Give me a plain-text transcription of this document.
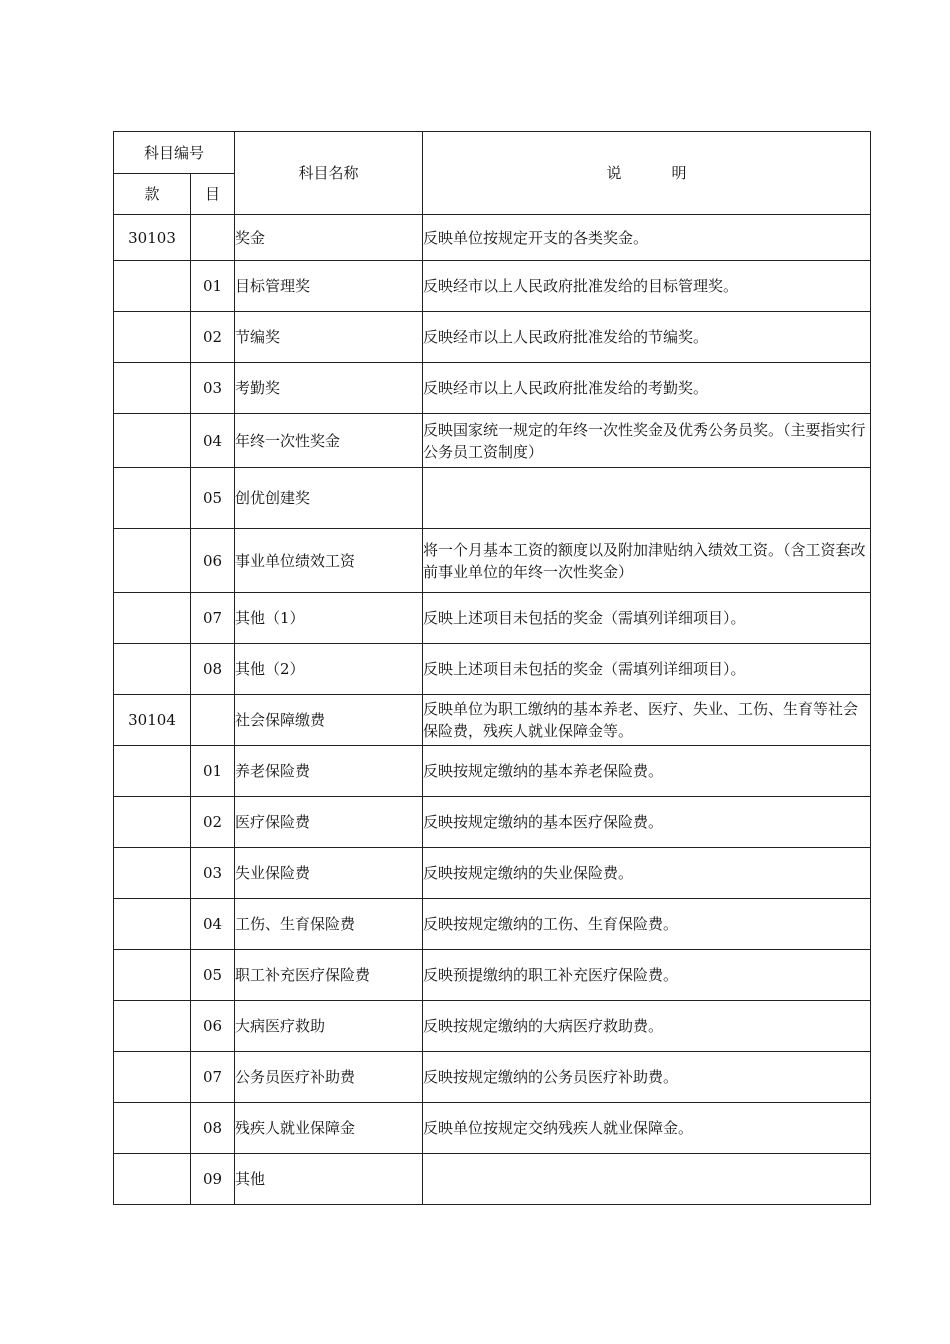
科目编号		科目名称	说 明
款	目		
30103		奖金	反映单位按规定开支的各类奖金。
	01	目标管理奖	反映经市以上人民政府批准发给的目标管理奖。
	02	节编奖	反映经市以上人民政府批准发给的节编奖。
	03	考勤奖	反映经市以上人民政府批准发给的考勤奖。
	04	年终一次性奖金	反映国家统一规定的年终一次性奖金及优秀公务员奖。（主要指实行公务员工资制度）
	05	创优创建奖	
	06	事业单位绩效工资	将一个月基本工资的额度以及附加津贴纳入绩效工资。（含工资套改前事业单位的年终一次性奖金）
	07	其他（1）	反映上述项目未包括的奖金（需填列详细项目）。
	08	其他（2）	反映上述项目未包括的奖金（需填列详细项目）。
30104		社会保障缴费	反映单位为职工缴纳的基本养老、医疗、失业、工伤、生育等社会保险费，残疾人就业保障金等。
	01	养老保险费	反映按规定缴纳的基本养老保险费。
	02	医疗保险费	反映按规定缴纳的基本医疗保险费。
	03	失业保险费	反映按规定缴纳的失业保险费。
	04	工伤、生育保险费	反映按规定缴纳的工伤、生育保险费。
	05	职工补充医疗保险费	反映预提缴纳的职工补充医疗保险费。
	06	大病医疗救助	反映按规定缴纳的大病医疗救助费。
	07	公务员医疗补助费	反映按规定缴纳的公务员医疗补助费。
	08	残疾人就业保障金	反映单位按规定交纳残疾人就业保障金。
	09	其他	
